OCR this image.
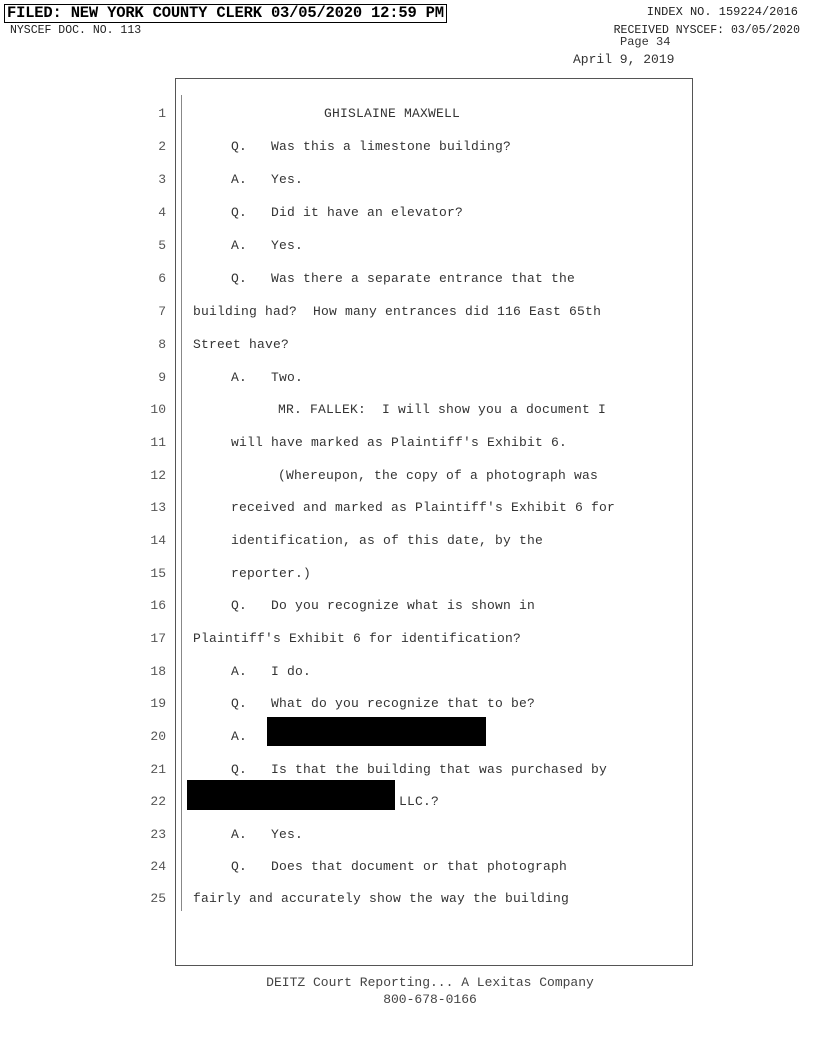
FILED: NEW YORK COUNTY CLERK 03/05/2020 12:59 PM
NYSCEF DOC. NO. 113
INDEX NO. 159224/2016
RECEIVED NYSCEF: 03/05/2020
Page 34
April 9, 2019
1	GHISLAINE MAXWELL
2	Q.   Was this a limestone building?
3	A.   Yes.
4	Q.   Did it have an elevator?
5	A.   Yes.
6	Q.   Was there a separate entrance that the
7 building had?  How many entrances did 116 East 65th
8 Street have?
9	A.   Two.
10	MR. FALLEK:  I will show you a document I
11	will have marked as Plaintiff's Exhibit 6.
12	(Whereupon, the copy of a photograph was
13	received and marked as Plaintiff's Exhibit 6 for
14	identification, as of this date, by the
15	reporter.)
16	Q.   Do you recognize what is shown in
17 Plaintiff's Exhibit 6 for identification?
18	A.   I do.
19	Q.   What do you recognize that to be?
20	A.
21	Q.   Is that the building that was purchased by
22	LLC.?
23	A.   Yes.
24	Q.   Does that document or that photograph
25 fairly and accurately show the way the building
DEITZ Court Reporting... A Lexitas Company
800-678-0166
